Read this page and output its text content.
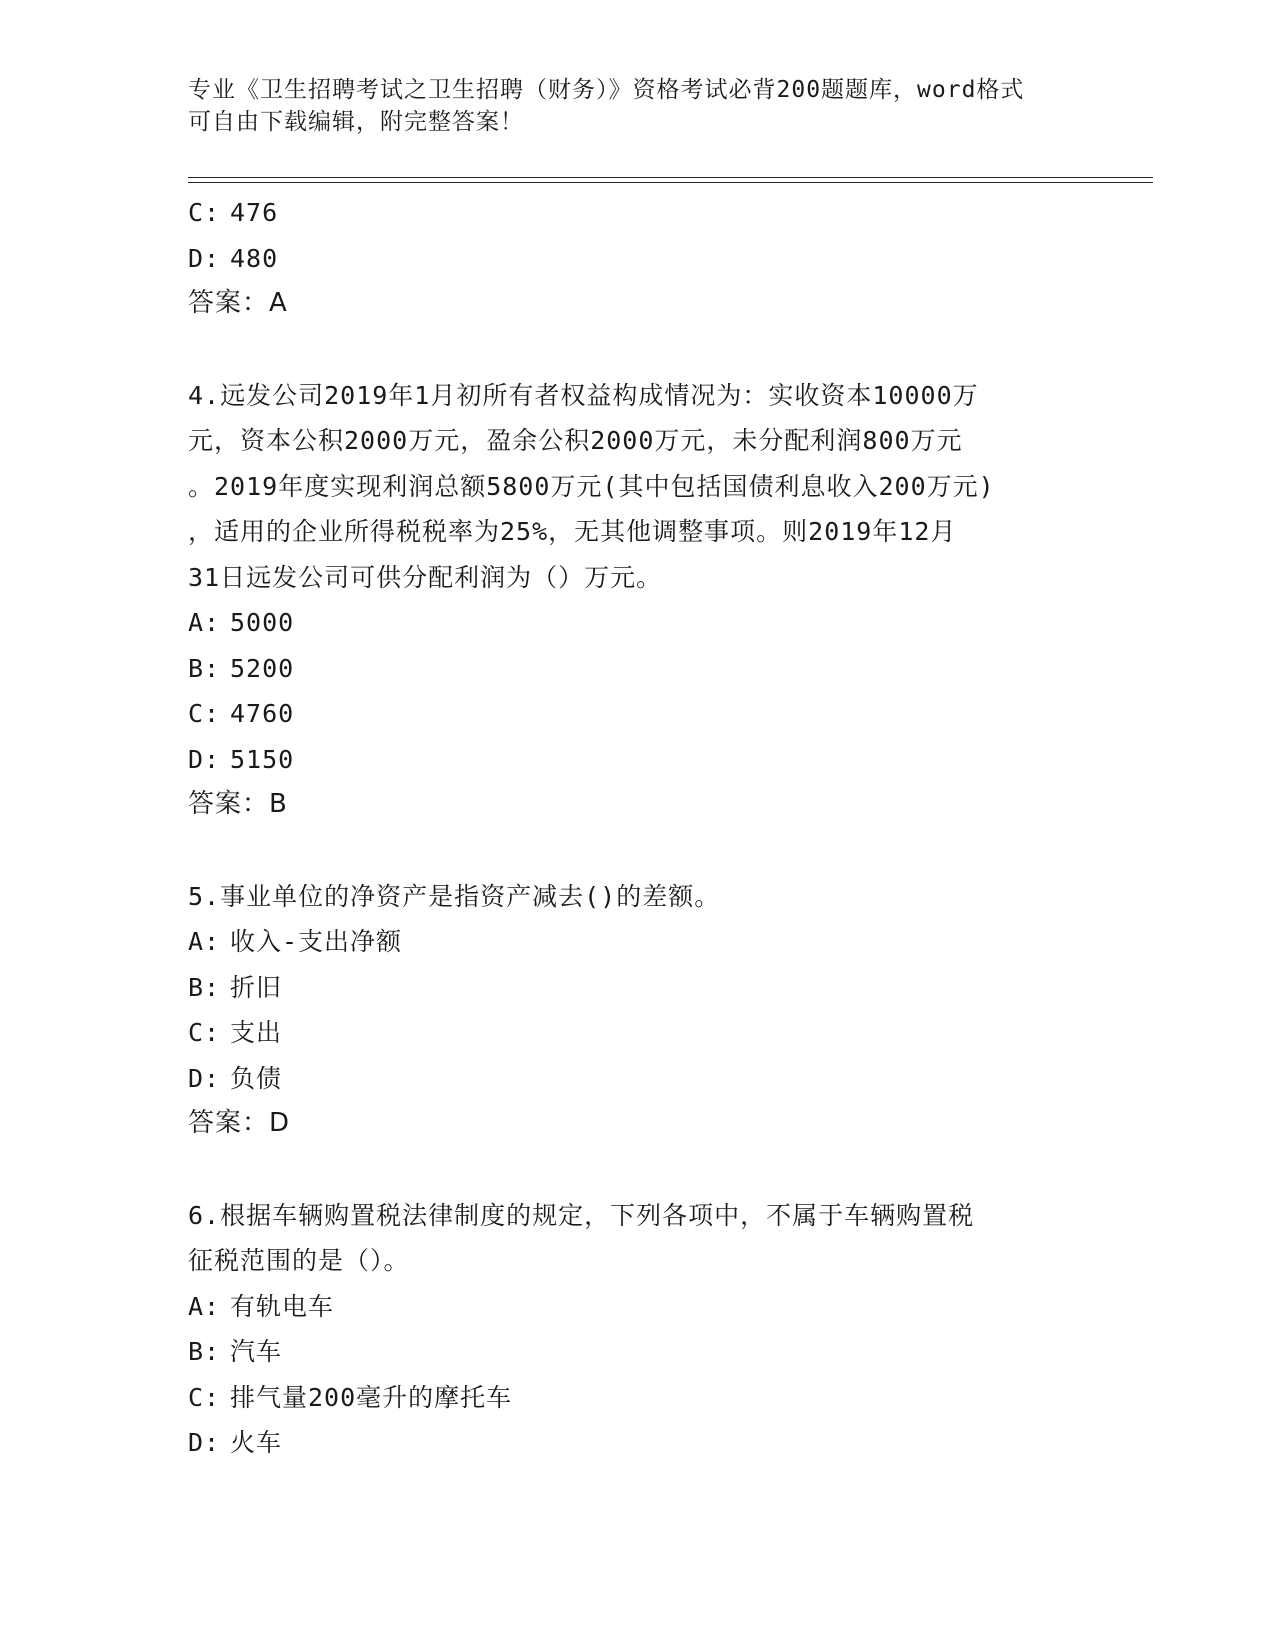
专业《卫生招聘考试之卫生招聘（财务）》资格考试必背200题题库，word格式
可自由下载编辑，附完整答案！
C: 476
D: 480
答案：A
4.远发公司2019年1月初所有者权益构成情况为：实收资本10000万
元，资本公积2000万元，盈余公积2000万元，未分配利润800万元
。2019年度实现利润总额5800万元(其中包括国债利息收入200万元)
，适用的企业所得税税率为25%，无其他调整事项。则2019年12月
31日远发公司可供分配利润为（）万元。
A: 5000
B: 5200
C: 4760
D: 5150
答案：B
5.事业单位的净资产是指资产减去()的差额。
A: 收入-支出净额
B: 折旧
C: 支出
D: 负债
答案：D
6.根据车辆购置税法律制度的规定，下列各项中，不属于车辆购置税
征税范围的是（）。
A: 有轨电车
B: 汽车
C: 排气量200毫升的摩托车
D: 火车
